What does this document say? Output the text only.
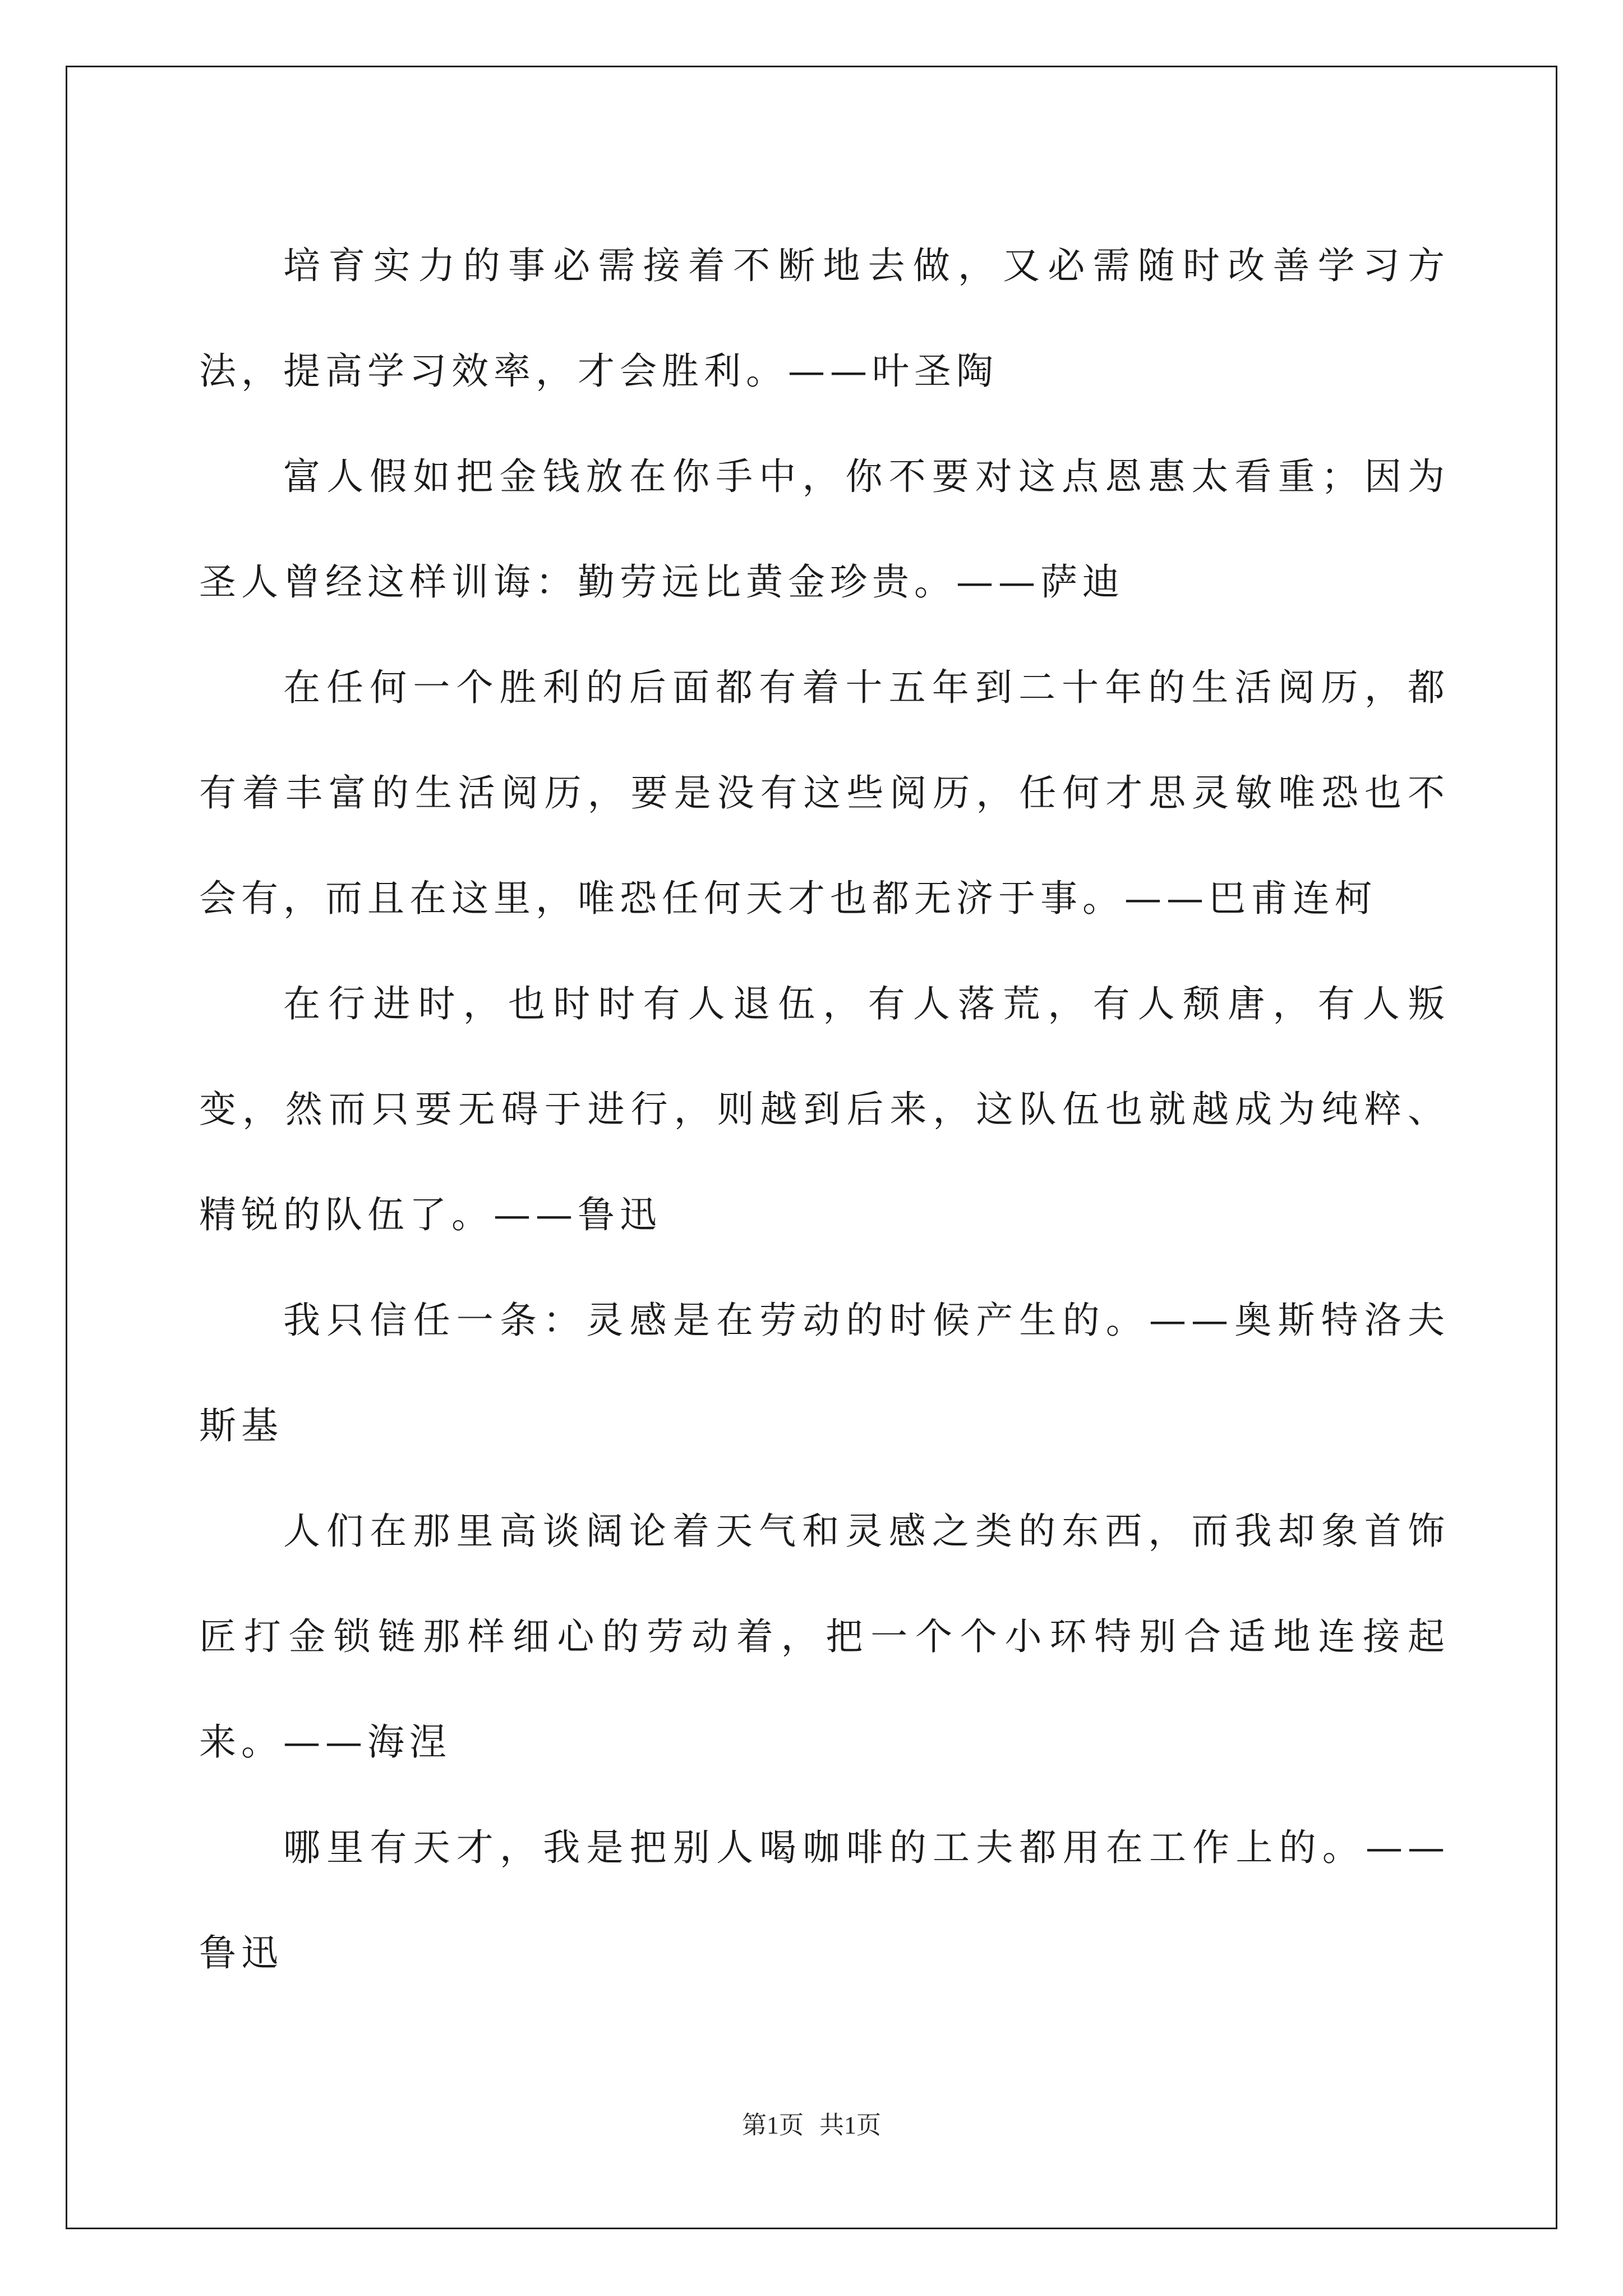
培育实力的事必需接着不断地去做，又必需随时改善学习方法，提高学习效率，才会胜利。——叶圣陶

富人假如把金钱放在你手中，你不要对这点恩惠太看重；因为圣人曾经这样训诲：勤劳远比黄金珍贵。——萨迪

在任何一个胜利的后面都有着十五年到二十年的生活阅历，都有着丰富的生活阅历，要是没有这些阅历，任何才思灵敏唯恐也不会有，而且在这里，唯恐任何天才也都无济于事。——巴甫连柯

在行进时，也时时有人退伍，有人落荒，有人颓唐，有人叛变，然而只要无碍于进行，则越到后来，这队伍也就越成为纯粹、精锐的队伍了。——鲁迅

我只信任一条：灵感是在劳动的时候产生的。——奥斯特洛夫斯基

人们在那里高谈阔论着天气和灵感之类的东西，而我却象首饰匠打金锁链那样细心的劳动着，把一个个小环特别合适地连接起来。——海涅

哪里有天才，我是把别人喝咖啡的工夫都用在工作上的。——鲁迅

第1页 共1页
